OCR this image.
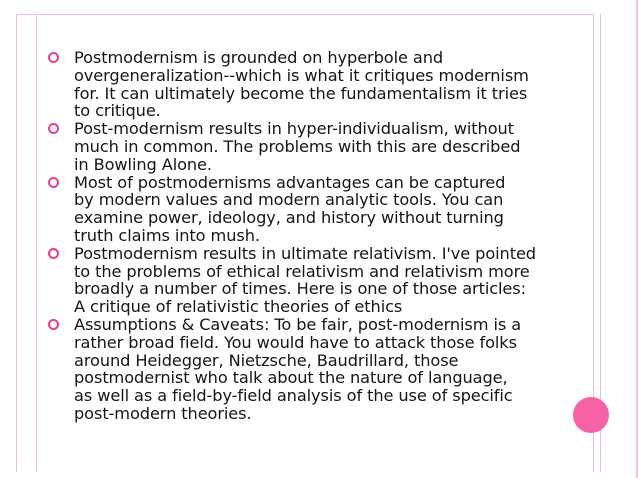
Postmodernism is grounded on hyperbole and
overgeneralization--which is what it critiques modernism
for. It can ultimately become the fundamentalism it tries
to critique.
Post-modernism results in hyper-individualism, without
much in common. The problems with this are described
in Bowling Alone.
Most of postmodernisms advantages can be captured
by modern values and modern analytic tools. You can
examine power, ideology, and history without turning
truth claims into mush.
Postmodernism results in ultimate relativism. I've pointed
to the problems of ethical relativism and relativism more
broadly a number of times. Here is one of those articles:
A critique of relativistic theories of ethics
Assumptions & Caveats: To be fair, post-modernism is a
rather broad field. You would have to attack those folks
around Heidegger, Nietzsche, Baudrillard, those
postmodernist who talk about the nature of language,
as well as a field-by-field analysis of the use of specific
post-modern theories.
